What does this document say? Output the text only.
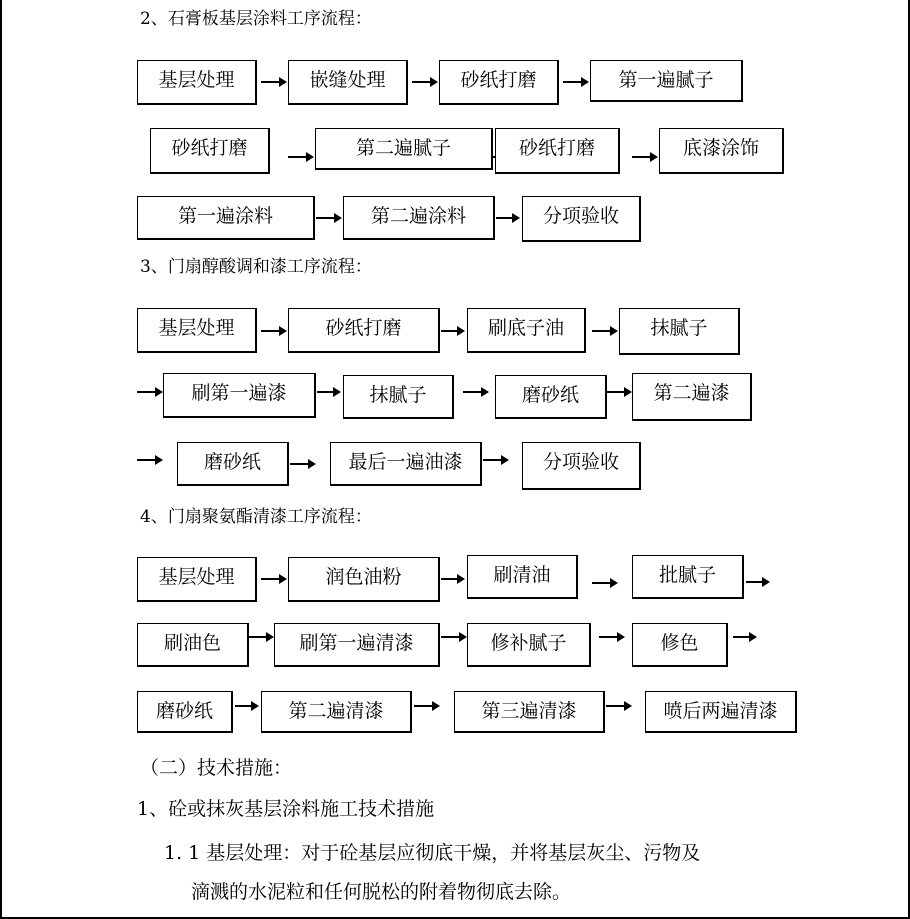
2、石膏板基层涂料工序流程：
基层处理	嵌缝处理	砂纸打磨	第一遍腻子
砂纸打磨	第二遍腻子	砂纸打磨	底漆涂饰
第一遍涂料	第二遍涂料	分项验收
3、门扇醇酸调和漆工序流程：
基层处理	砂纸打磨	刷底子油	抹腻子
刷第一遍漆	抹腻子	磨砂纸	第二遍漆
磨砂纸	最后一遍油漆	分项验收
4、门扇聚氨酯清漆工序流程：
基层处理	润色油粉	刷清油	批腻子
刷油色	刷第一遍清漆	修补腻子	修色
磨砂纸	第二遍清漆	第三遍清漆	喷后两遍清漆
（二）技术措施：
1、砼或抹灰基层涂料施工技术措施
1. 1 基层处理：对于砼基层应彻底干燥，并将基层灰尘、污物及
滴溅的水泥粒和任何脱松的附着物彻底去除。
